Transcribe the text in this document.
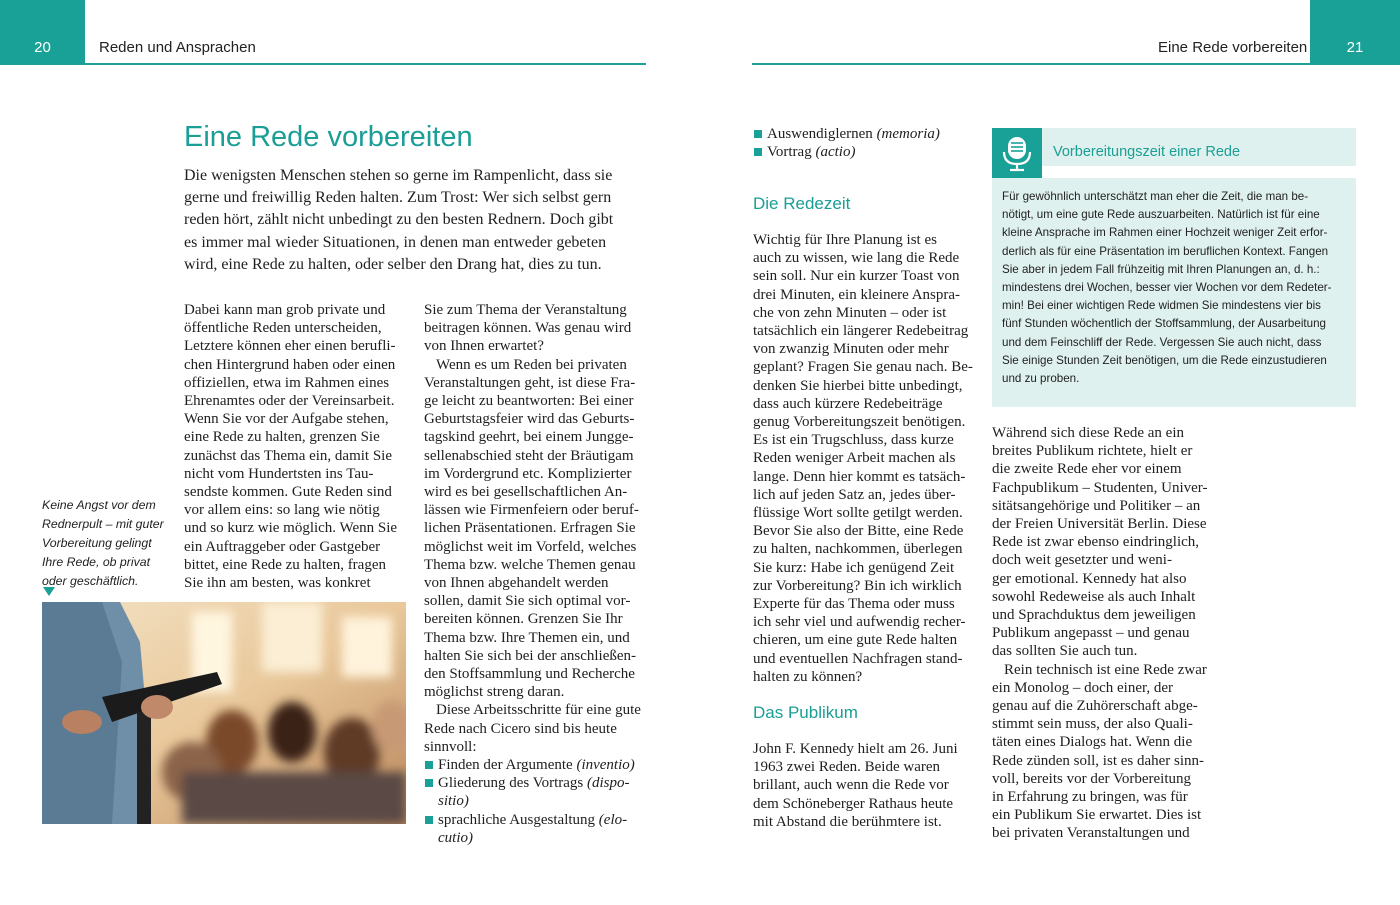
20	Reden und Ansprachen
Eine Rede vorbereiten
Die wenigsten Menschen stehen so gerne im Rampenlicht, dass sie
gerne und freiwillig Reden halten. Zum Trost: Wer sich selbst gern
reden hört, zählt nicht unbedingt zu den besten Rednern. Doch gibt
es immer mal wieder Situationen, in denen man entweder gebeten
wird, eine Rede zu halten, oder selber den Drang hat, dies zu tun.
Dabei kann man grob private und
öffentliche Reden unterscheiden,
Letztere können eher einen berufli-
chen Hintergrund haben oder einen
offiziellen, etwa im Rahmen eines
Ehrenamtes oder der Vereinsarbeit.
Wenn Sie vor der Aufgabe stehen,
eine Rede zu halten, grenzen Sie
zunächst das Thema ein, damit Sie
nicht vom Hundertsten ins Tau-
sendste kommen. Gute Reden sind
vor allem eins: so lang wie nötig
und so kurz wie möglich. Wenn Sie
ein Auftraggeber oder Gastgeber
bittet, eine Rede zu halten, fragen
Sie ihn am besten, was konkret
Sie zum Thema der Veranstaltung
beitragen können. Was genau wird
von Ihnen erwartet?
Wenn es um Reden bei privaten
Veranstaltungen geht, ist diese Fra-
ge leicht zu beantworten: Bei einer
Geburtstagsfeier wird das Geburts-
tagskind geehrt, bei einem Jungge-
sellenabschied steht der Bräutigam
im Vordergrund etc. Komplizierter
wird es bei gesellschaftlichen An-
lässen wie Firmenfeiern oder beruf-
lichen Präsentationen. Erfragen Sie
möglichst weit im Vorfeld, welches
Thema bzw. welche Themen genau
von Ihnen abgehandelt werden
sollen, damit Sie sich optimal vor-
bereiten können. Grenzen Sie Ihr
Thema bzw. Ihre Themen ein, und
halten Sie sich bei der anschließen-
den Stoffsammlung und Recherche
möglichst streng daran.
Diese Arbeitsschritte für eine gute
Rede nach Cicero sind bis heute
sinnvoll:
Finden der Argumente (inventio)
Gliederung des Vortrags (dispo-
sitio)
sprachliche Ausgestaltung (elo-
cutio)
Keine Angst vor dem
Rednerpult – mit guter
Vorbereitung gelingt
Ihre Rede, ob privat
oder geschäftlich.
Eine Rede vorbereiten	21
Auswendiglernen (memoria)
Vortrag (actio)
Die Redezeit
Wichtig für Ihre Planung ist es
auch zu wissen, wie lang die Rede
sein soll. Nur ein kurzer Toast von
drei Minuten, ein kleinere Anspra-
che von zehn Minuten – oder ist
tatsächlich ein längerer Redebeitrag
von zwanzig Minuten oder mehr
geplant? Fragen Sie genau nach. Be-
denken Sie hierbei bitte unbedingt,
dass auch kürzere Redebeiträge
genug Vorbereitungszeit benötigen.
Es ist ein Trugschluss, dass kurze
Reden weniger Arbeit machen als
lange. Denn hier kommt es tatsäch-
lich auf jeden Satz an, jedes über-
flüssige Wort sollte getilgt werden.
Bevor Sie also der Bitte, eine Rede
zu halten, nachkommen, überlegen
Sie kurz: Habe ich genügend Zeit
zur Vorbereitung? Bin ich wirklich
Experte für das Thema oder muss
ich sehr viel und aufwendig recher-
chieren, um eine gute Rede halten
und eventuellen Nachfragen stand-
halten zu können?
Das Publikum
John F. Kennedy hielt am 26. Juni
1963 zwei Reden. Beide waren
brillant, auch wenn die Rede vor
dem Schöneberger Rathaus heute
mit Abstand die berühmtere ist.
Vorbereitungszeit einer Rede
Für gewöhnlich unterschätzt man eher die Zeit, die man be-
nötigt, um eine gute Rede auszuarbeiten. Natürlich ist für eine
kleine Ansprache im Rahmen einer Hochzeit weniger Zeit erfor-
derlich als für eine Präsentation im beruflichen Kontext. Fangen
Sie aber in jedem Fall frühzeitig mit Ihren Planungen an, d. h.:
mindestens drei Wochen, besser vier Wochen vor dem Redeter-
min! Bei einer wichtigen Rede widmen Sie mindestens vier bis
fünf Stunden wöchentlich der Stoffsammlung, der Ausarbeitung
und dem Feinschliff der Rede. Vergessen Sie auch nicht, dass
Sie einige Stunden Zeit benötigen, um die Rede einzustudieren
und zu proben.
Während sich diese Rede an ein
breites Publikum richtete, hielt er
die zweite Rede eher vor einem
Fachpublikum – Studenten, Univer-
sitätsangehörige und Politiker – an
der Freien Universität Berlin. Diese
Rede ist zwar ebenso eindringlich,
doch weit gesetzter und weni-
ger emotional. Kennedy hat also
sowohl Redeweise als auch Inhalt
und Sprachduktus dem jeweiligen
Publikum angepasst – und genau
das sollten Sie auch tun.
Rein technisch ist eine Rede zwar
ein Monolog – doch einer, der
genau auf die Zuhörerschaft abge-
stimmt sein muss, der also Quali-
täten eines Dialogs hat. Wenn die
Rede zünden soll, ist es daher sinn-
voll, bereits vor der Vorbereitung
in Erfahrung zu bringen, was für
ein Publikum Sie erwartet. Dies ist
bei privaten Veranstaltungen und
